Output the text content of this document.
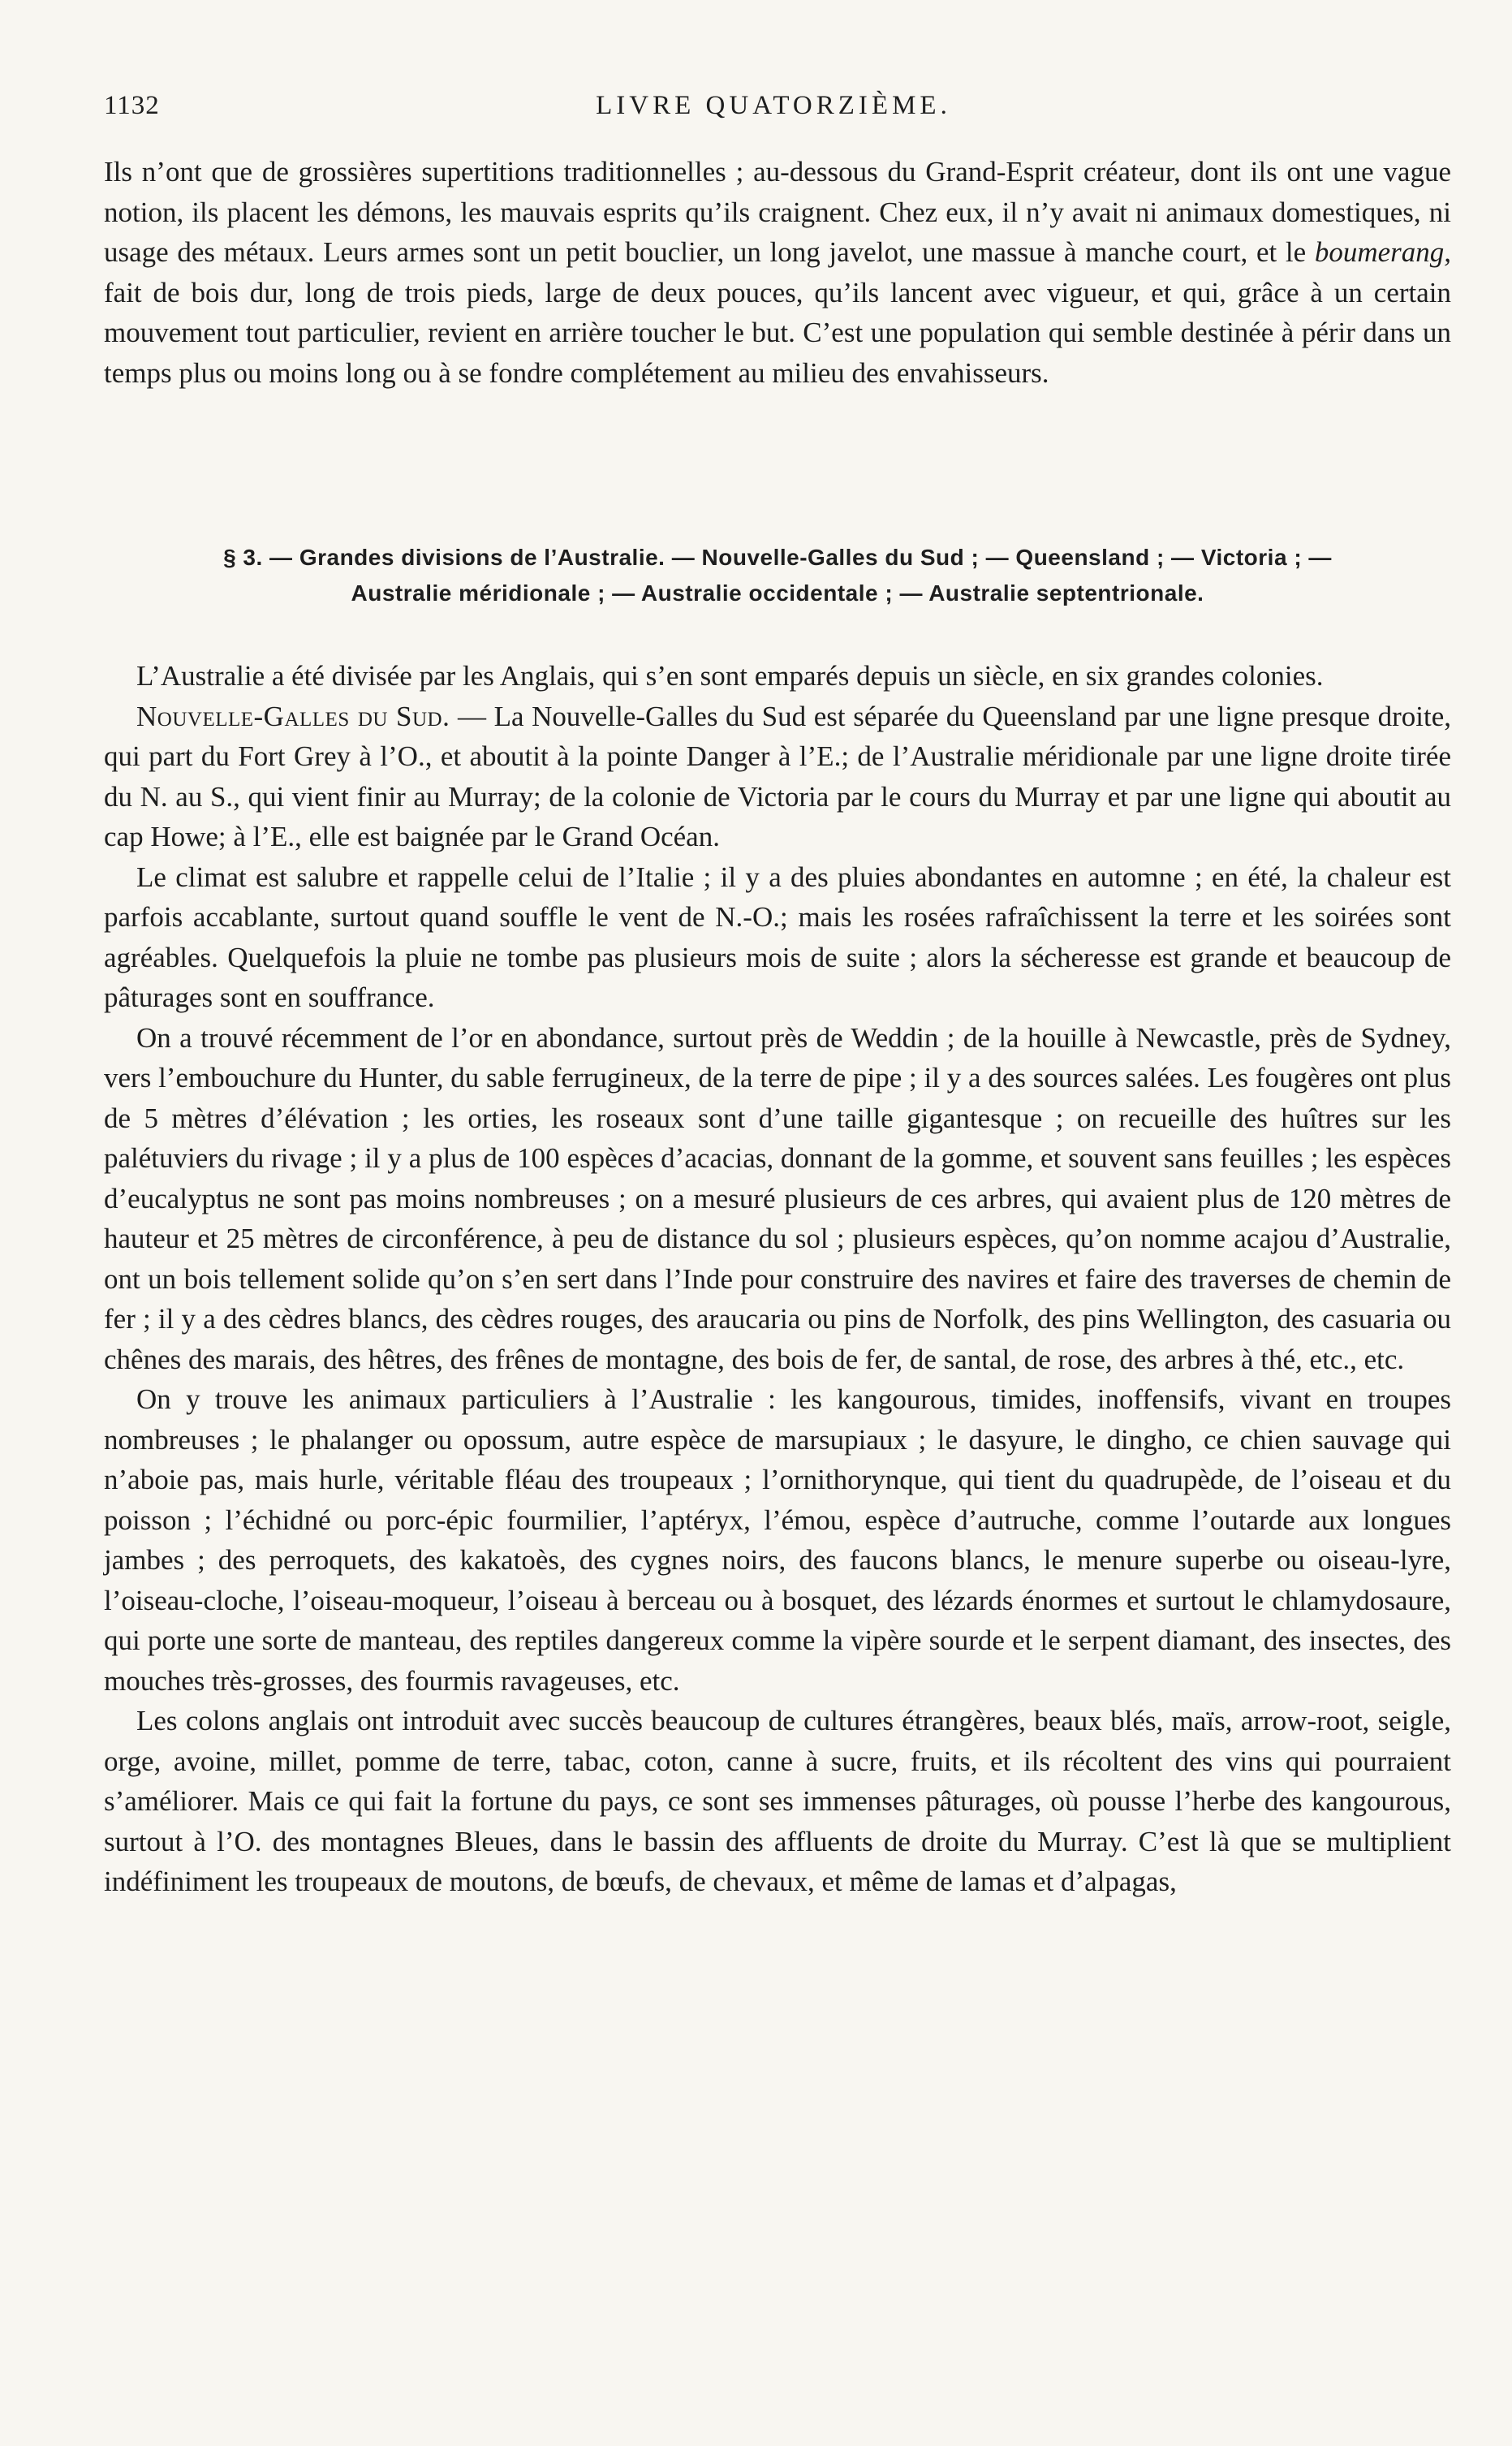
1132	LIVRE QUATORZIÈME.

Ils n’ont que de grossières supertitions traditionnelles ; au-dessous du Grand-Esprit créateur, dont ils ont une vague notion, ils placent les démons, les mauvais esprits qu’ils craignent. Chez eux, il n’y avait ni animaux domestiques, ni usage des métaux. Leurs armes sont un petit bouclier, un long javelot, une massue à manche court, et le boumerang, fait de bois dur, long de trois pieds, large de deux pouces, qu’ils lancent avec vigueur, et qui, grâce à un certain mouvement tout particulier, revient en arrière toucher le but. C’est une population qui semble destinée à périr dans un temps plus ou moins long ou à se fondre complétement au milieu des envahisseurs.

§ 3. — Grandes divisions de l’Australie. — Nouvelle-Galles du Sud ; — Queensland ; — Victoria ; —
Australie méridionale ; — Australie occidentale ; — Australie septentrionale.

L’Australie a été divisée par les Anglais, qui s’en sont emparés depuis un siècle, en six grandes colonies.

Nouvelle-Galles du Sud. — La Nouvelle-Galles du Sud est séparée du Queensland par une ligne presque droite, qui part du Fort Grey à l’O., et aboutit à la pointe Danger à l’E.; de l’Australie méridionale par une ligne droite tirée du N. au S., qui vient finir au Murray; de la colonie de Victoria par le cours du Murray et par une ligne qui aboutit au cap Howe; à l’E., elle est baignée par le Grand Océan.

Le climat est salubre et rappelle celui de l’Italie ; il y a des pluies abondantes en automne ; en été, la chaleur est parfois accablante, surtout quand souffle le vent de N.-O.; mais les rosées rafraîchissent la terre et les soirées sont agréables. Quelquefois la pluie ne tombe pas plusieurs mois de suite ; alors la sécheresse est grande et beaucoup de pâturages sont en souffrance.

On a trouvé récemment de l’or en abondance, surtout près de Weddin ; de la houille à Newcastle, près de Sydney, vers l’embouchure du Hunter, du sable ferrugineux, de la terre de pipe ; il y a des sources salées. Les fougères ont plus de 5 mètres d’élévation ; les orties, les roseaux sont d’une taille gigantesque ; on recueille des huîtres sur les palétuviers du rivage ; il y a plus de 100 espèces d’acacias, donnant de la gomme, et souvent sans feuilles ; les espèces d’eucalyptus ne sont pas moins nombreuses ; on a mesuré plusieurs de ces arbres, qui avaient plus de 120 mètres de hauteur et 25 mètres de circonférence, à peu de distance du sol ; plusieurs espèces, qu’on nomme acajou d’Australie, ont un bois tellement solide qu’on s’en sert dans l’Inde pour construire des navires et faire des traverses de chemin de fer ; il y a des cèdres blancs, des cèdres rouges, des araucaria ou pins de Norfolk, des pins Wellington, des casuaria ou chênes des marais, des hêtres, des frênes de montagne, des bois de fer, de santal, de rose, des arbres à thé, etc., etc.

On y trouve les animaux particuliers à l’Australie : les kangourous, timides, inoffensifs, vivant en troupes nombreuses ; le phalanger ou opossum, autre espèce de marsupiaux ; le dasyure, le dingho, ce chien sauvage qui n’aboie pas, mais hurle, véritable fléau des troupeaux ; l’ornithorynque, qui tient du quadrupède, de l’oiseau et du poisson ; l’échidné ou porc-épic fourmilier, l’aptéryx, l’émou, espèce d’autruche, comme l’outarde aux longues jambes ; des perroquets, des kakatoès, des cygnes noirs, des faucons blancs, le menure superbe ou oiseau-lyre, l’oiseau-cloche, l’oiseau-moqueur, l’oiseau à berceau ou à bosquet, des lézards énormes et surtout le chlamydosaure, qui porte une sorte de manteau, des reptiles dangereux comme la vipère sourde et le serpent diamant, des insectes, des mouches très-grosses, des fourmis ravageuses, etc.

Les colons anglais ont introduit avec succès beaucoup de cultures étrangères, beaux blés, maïs, arrow-root, seigle, orge, avoine, millet, pomme de terre, tabac, coton, canne à sucre, fruits, et ils récoltent des vins qui pourraient s’améliorer. Mais ce qui fait la fortune du pays, ce sont ses immenses pâturages, où pousse l’herbe des kangourous, surtout à l’O. des montagnes Bleues, dans le bassin des affluents de droite du Murray. C’est là que se multiplient indéfiniment les troupeaux de moutons, de bœufs, de chevaux, et même de lamas et d’alpagas,
